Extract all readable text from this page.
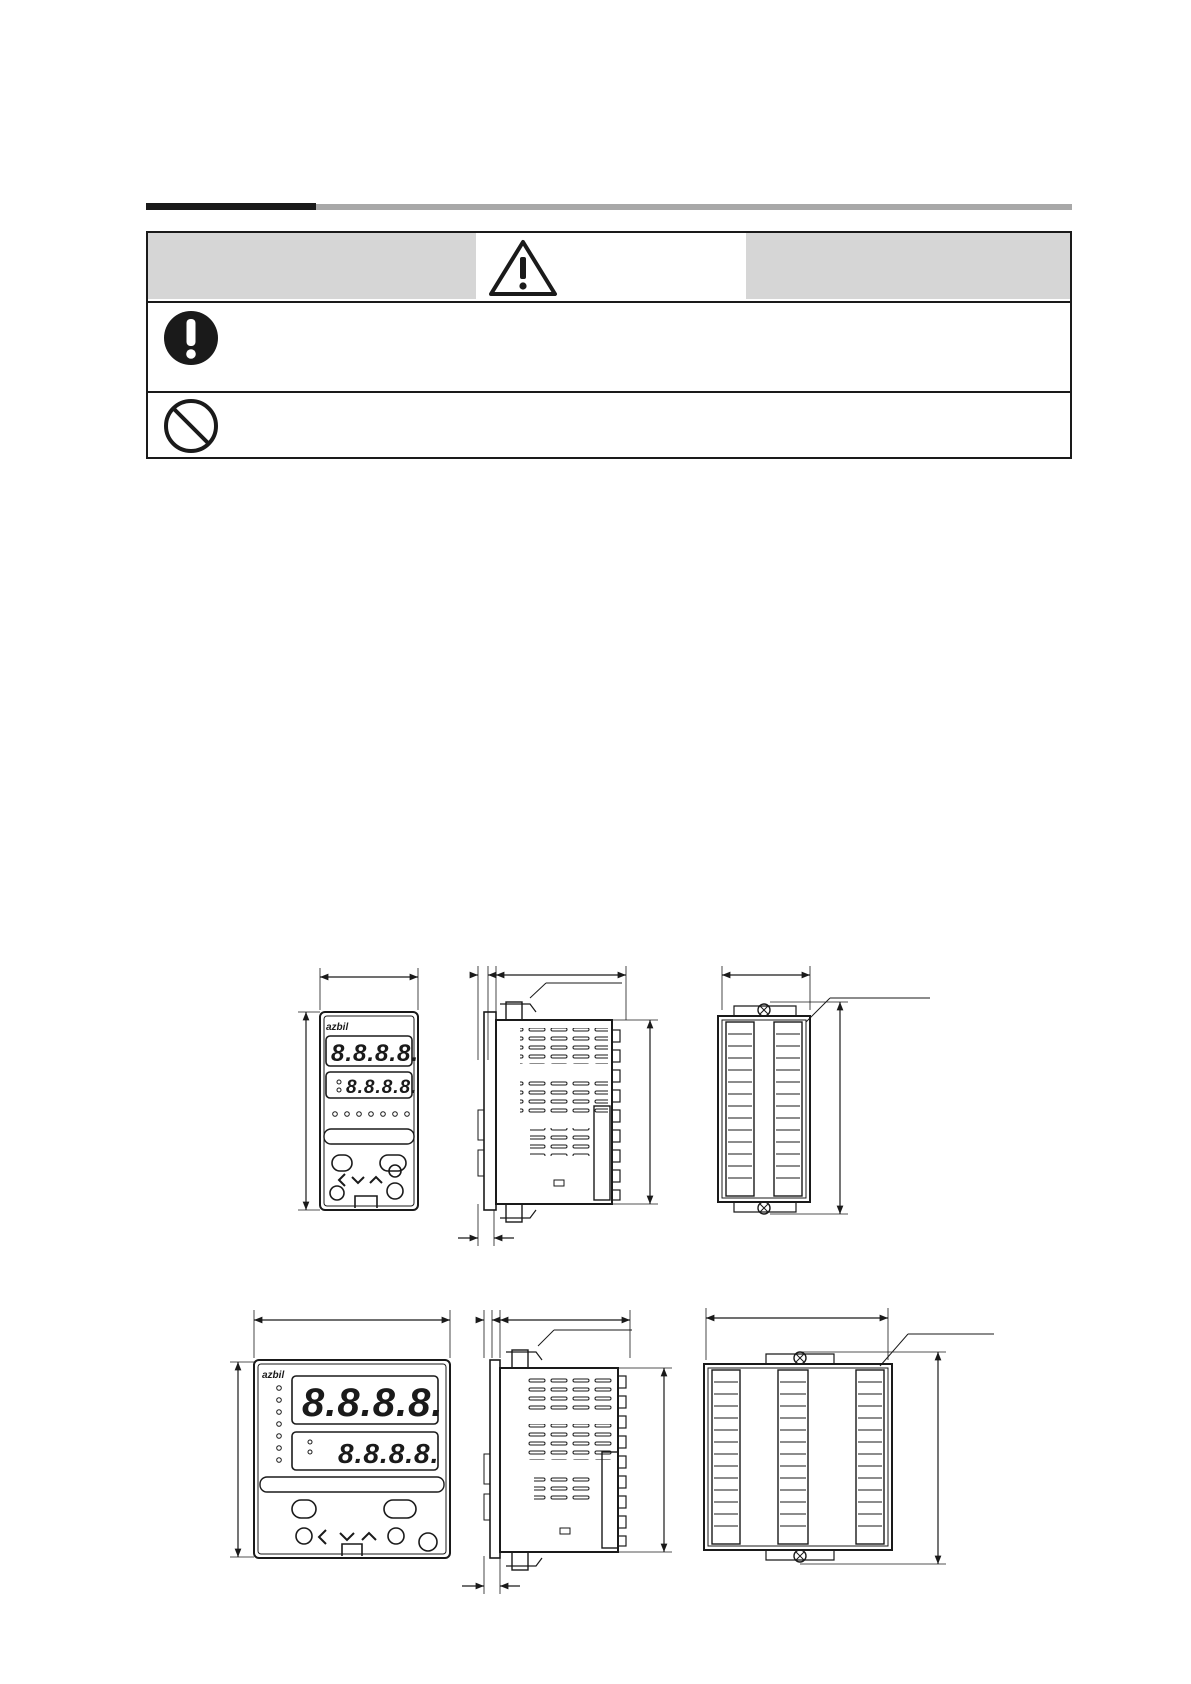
azbil
8.8.8.8.
8.8.8.8.
azbil
8.8.8.8.
8.8.8.8.
